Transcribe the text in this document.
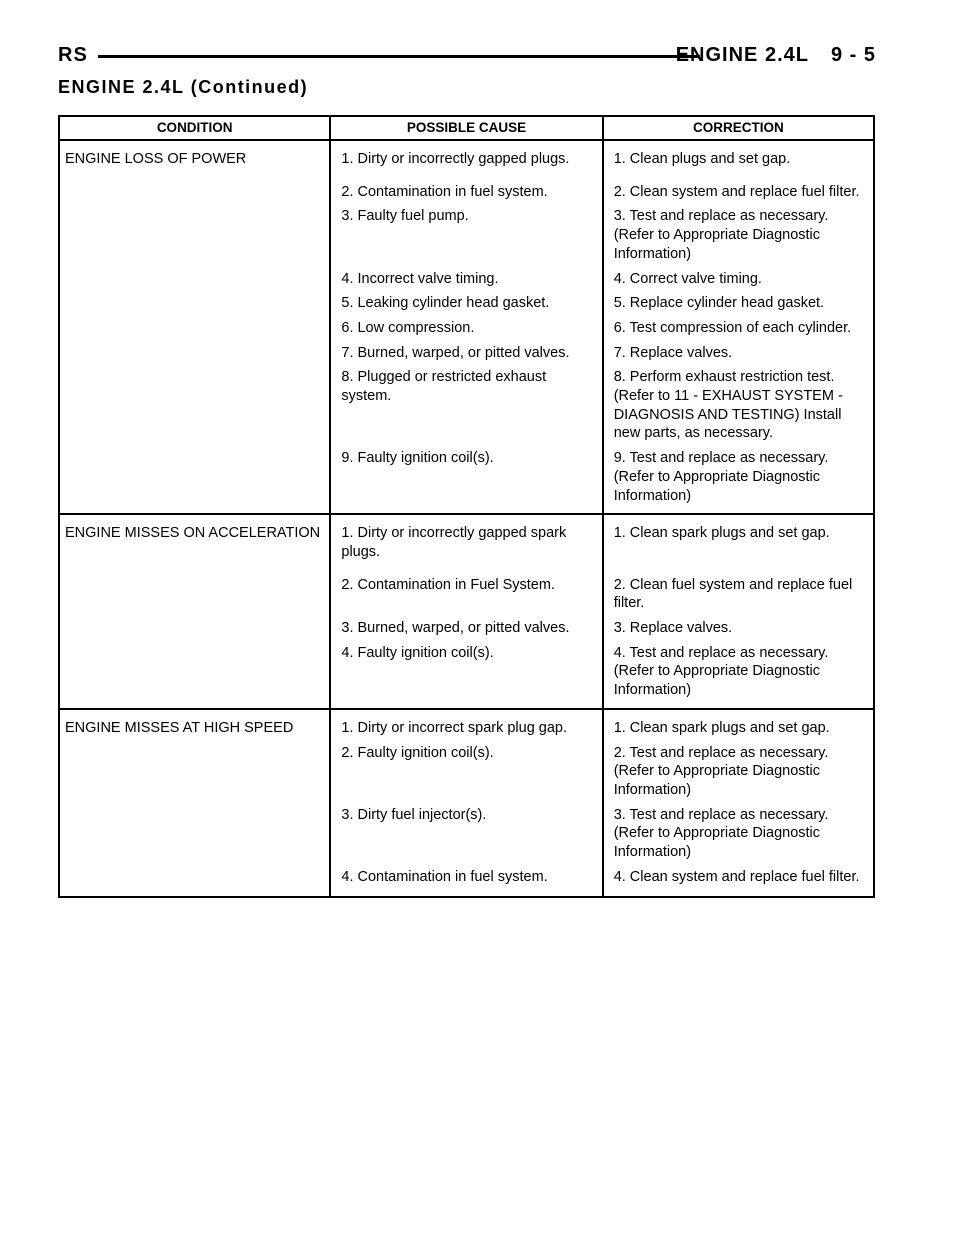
RS	ENGINE 2.4L 9 - 5
ENGINE 2.4L (Continued)
CONDITION	POSSIBLE CAUSE	CORRECTION
ENGINE LOSS OF POWER	1. Dirty or incorrectly gapped plugs.	1. Clean plugs and set gap.
	2. Contamination in fuel system.	2. Clean system and replace fuel filter.
	3. Faulty fuel pump.	3. Test and replace as necessary. (Refer to Appropriate Diagnostic Information)
	4. Incorrect valve timing.	4. Correct valve timing.
	5. Leaking cylinder head gasket.	5. Replace cylinder head gasket.
	6. Low compression.	6. Test compression of each cylinder.
	7. Burned, warped, or pitted valves.	7. Replace valves.
	8. Plugged or restricted exhaust system.	8. Perform exhaust restriction test. (Refer to 11 - EXHAUST SYSTEM - DIAGNOSIS AND TESTING) Install new parts, as necessary.
	9. Faulty ignition coil(s).	9. Test and replace as necessary. (Refer to Appropriate Diagnostic Information)
ENGINE MISSES ON ACCELERATION	1. Dirty or incorrectly gapped spark plugs.	1. Clean spark plugs and set gap.
	2. Contamination in Fuel System.	2. Clean fuel system and replace fuel filter.
	3. Burned, warped, or pitted valves.	3. Replace valves.
	4. Faulty ignition coil(s).	4. Test and replace as necessary. (Refer to Appropriate Diagnostic Information)
ENGINE MISSES AT HIGH SPEED	1. Dirty or incorrect spark plug gap.	1. Clean spark plugs and set gap.
	2. Faulty ignition coil(s).	2. Test and replace as necessary. (Refer to Appropriate Diagnostic Information)
	3. Dirty fuel injector(s).	3. Test and replace as necessary. (Refer to Appropriate Diagnostic Information)
	4. Contamination in fuel system.	4. Clean system and replace fuel filter.
